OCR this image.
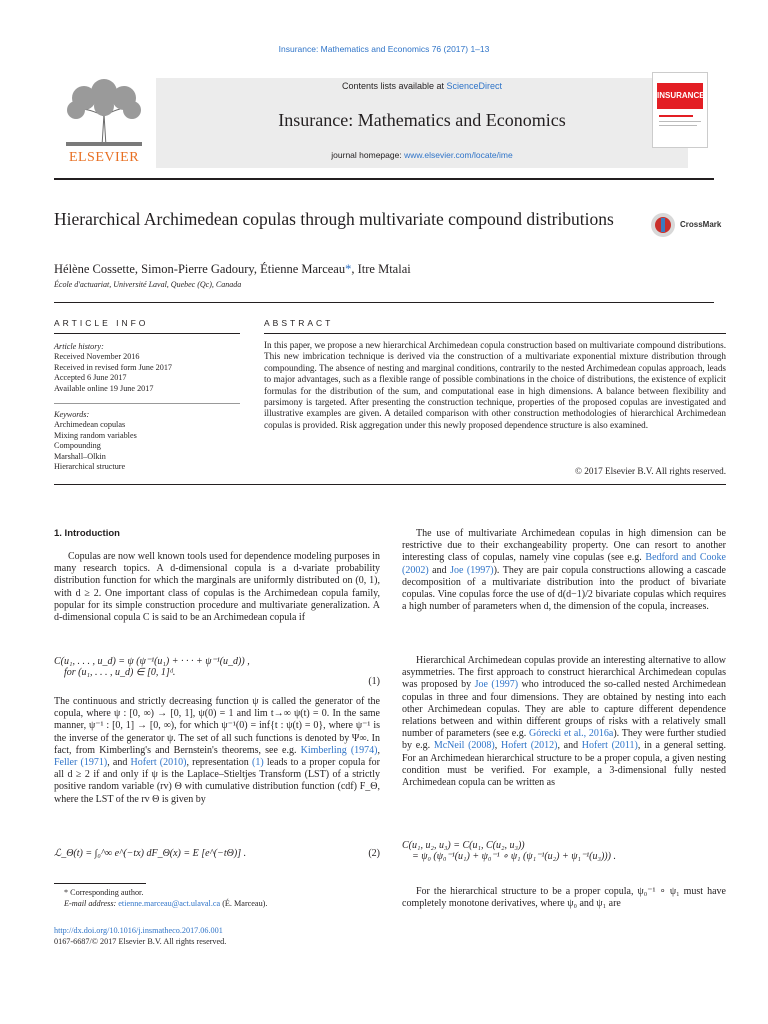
Insurance: Mathematics and Economics 76 (2017) 1–13
ELSEVIER
Contents lists available at ScienceDirect
Insurance: Mathematics and Economics
journal homepage: www.elsevier.com/locate/ime
INSURANCE
Hierarchical Archimedean copulas through multivariate compound distributions	CrossMark
Hélène Cossette, Simon-Pierre Gadoury, Étienne Marceau*, Itre Mtalai
École d'actuariat, Université Laval, Quebec (Qc), Canada
ARTICLE INFO
Article history:
Received November 2016
Received in revised form June 2017
Accepted 6 June 2017
Available online 19 June 2017
Keywords:
Archimedean copulas
Mixing random variables
Compounding
Marshall–Olkin
Hierarchical structure
ABSTRACT
In this paper, we propose a new hierarchical Archimedean copula construction based on multivariate compound distributions. This new imbrication technique is derived via the construction of a multivariate exponential mixture distribution through compounding. The absence of nesting and marginal conditions, contrarily to the nested Archimedean copulas approach, leads to major advantages, such as a flexible range of possible combinations in the choice of distributions, the existence of explicit formulas for the distribution of the sum, and computational ease in high dimensions. A balance between flexibility and parsimony is targeted. After presenting the construction technique, properties of the proposed copulas are investigated and illustrative examples are given. A detailed comparison with other construction methodologies of hierarchical Archimedean copulas is provided. Risk aggregation under this newly proposed dependence structure is also examined.
© 2017 Elsevier B.V. All rights reserved.
1. Introduction
Copulas are now well known tools used for dependence modeling purposes in many research topics. A d-dimensional copula is a d-variate probability distribution function for which the marginals are uniformly distributed on (0, 1), with d ≥ 2. One important class of copulas is the Archimedean copula family, popular for its simple construction procedure and multivariate generalization. A d-dimensional copula C is said to be an Archimedean copula if
C(u₁, . . . , u_d) = ψ (ψ⁻¹(u₁) + · · · + ψ⁻¹(u_d)) ,
for (u₁, . . . , u_d) ∈ [0, 1]ᵈ.
(1)
The continuous and strictly decreasing function ψ is called the generator of the copula, where ψ : [0, ∞) → [0, 1], ψ(0) = 1 and lim t→∞ ψ(t) = 0. In the same manner, ψ⁻¹ : [0, 1] → [0, ∞), for which ψ⁻¹(0) = inf{t : ψ(t) = 0}, where ψ⁻¹ is the inverse of the generator ψ. The set of all such functions is denoted by Ψ∞. In fact, from Kimberling's and Bernstein's theorems, see e.g. Kimberling (1974), Feller (1971), and Hofert (2010), representation (1) leads to a proper copula for all d ≥ 2 if and only if ψ is the Laplace–Stieltjes Transform (LST) of a strictly positive random variable (rv) Θ with cumulative distribution function (cdf) F_Θ, where the LST of the rv Θ is given by
ℒ_Θ(t) = ∫₀^∞ e^(−tx) dF_Θ(x) = E [e^(−tΘ)] .	(2)
* Corresponding author.
E-mail address: etienne.marceau@act.ulaval.ca (É. Marceau).
http://dx.doi.org/10.1016/j.insmatheco.2017.06.001
0167-6687/© 2017 Elsevier B.V. All rights reserved.
The use of multivariate Archimedean copulas in high dimension can be restrictive due to their exchangeability property. One can resort to another interesting class of copulas, namely vine copulas (see e.g. Bedford and Cooke (2002) and Joe (1997)). They are pair copula constructions allowing a cascade decomposition of a multivariate distribution into the product of bivariate copulas. Vine copulas force the use of d(d−1)/2 bivariate copulas which requires a high number of parameters when d, the dimension of the copula, increases.
Hierarchical Archimedean copulas provide an interesting alternative to allow asymmetries. The first approach to construct hierarchical Archimedean copulas was proposed by Joe (1997) who introduced the so-called nested Archimedean copulas in three and four dimensions. They are obtained by nesting into each other Archimedean copulas. They are able to capture different dependence relations between and within different groups of risks with a relatively small number of parameters (see e.g. Górecki et al., 2016a). They were further studied by e.g. McNeil (2008), Hofert (2012), and Hofert (2011), in a general setting. For an Archimedean hierarchical structure to be a proper copula, a given nesting condition must be verified. For example, a 3-dimensional fully nested Archimedean copula can be written as
C(u₁, u₂, u₃) = C(u₁, C(u₂, u₃))
= ψ₀ (ψ₀⁻¹(u₁) + ψ₀⁻¹ ∘ ψ₁ (ψ₁⁻¹(u₂) + ψ₁⁻¹(u₃))) .
For the hierarchical structure to be a proper copula, ψ₀⁻¹ ∘ ψ₁ must have completely monotone derivatives, where ψ₀ and ψ₁ are
